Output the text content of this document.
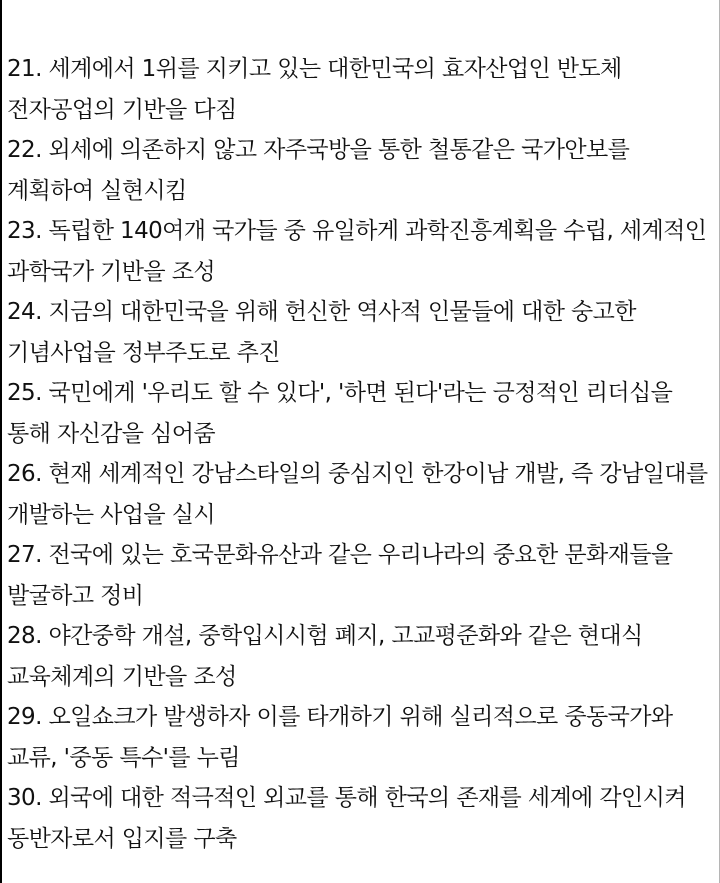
21. 세계에서 1위를 지키고 있는 대한민국의 효자산업인 반도체 전자공업의 기반을 다짐
22. 외세에 의존하지 않고 자주국방을 통한 철통같은 국가안보를 계획하여 실현시킴
23. 독립한 140여개 국가들 중 유일하게 과학진흥계획을 수립, 세계적인 과학국가 기반을 조성
24. 지금의 대한민국을 위해 헌신한 역사적 인물들에 대한 숭고한 기념사업을 정부주도로 추진
25. 국민에게 '우리도 할 수 있다', '하면 된다'라는 긍정적인 리더십을 통해 자신감을 심어줌
26. 현재 세계적인 강남스타일의 중심지인 한강이남 개발, 즉 강남일대를 개발하는 사업을 실시
27. 전국에 있는 호국문화유산과 같은 우리나라의 중요한 문화재들을 발굴하고 정비
28. 야간중학 개설, 중학입시시험 폐지, 고교평준화와 같은 현대식 교육체계의 기반을 조성
29. 오일쇼크가 발생하자 이를 타개하기 위해 실리적으로 중동국가와 교류, '중동 특수'를 누림
30. 외국에 대한 적극적인 외교를 통해 한국의 존재를 세계에 각인시켜 동반자로서 입지를 구축
